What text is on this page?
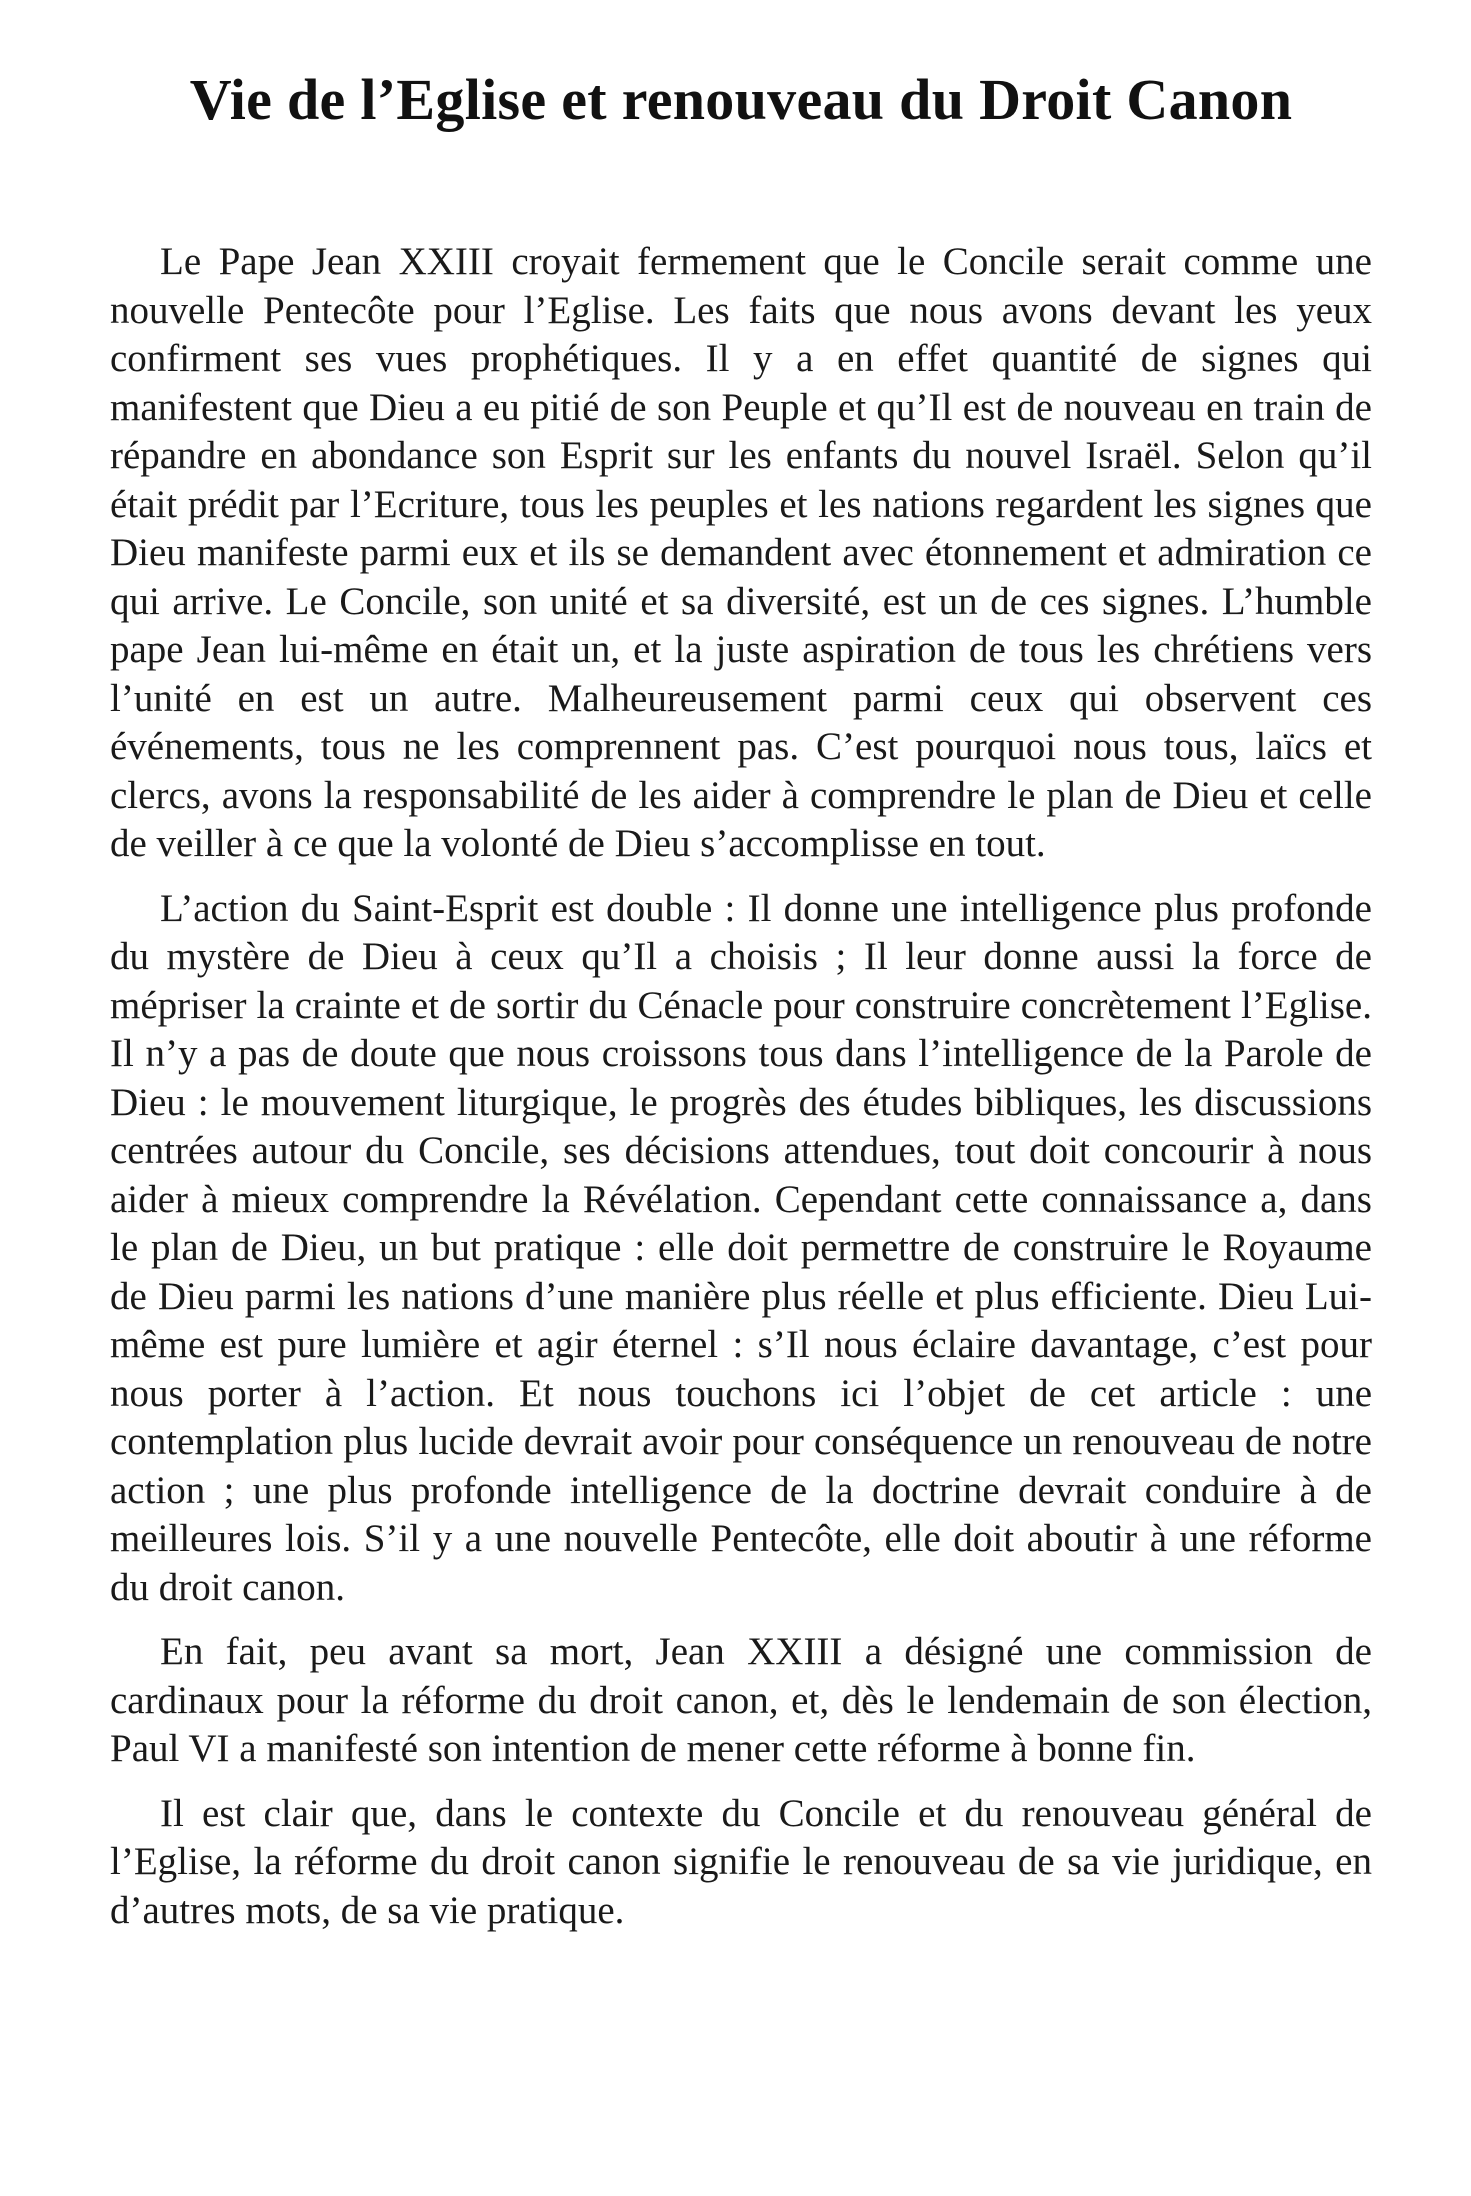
Vie de l’Eglise et renouveau du Droit Canon

Le Pape Jean XXIII croyait fermement que le Concile serait comme une nouvelle Pentecôte pour l’Eglise. Les faits que nous avons devant les yeux confirment ses vues prophétiques. Il y a en effet quantité de signes qui manifestent que Dieu a eu pitié de son Peuple et qu’Il est de nouveau en train de répandre en abondance son Esprit sur les enfants du nouvel Israël. Selon qu’il était prédit par l’Ecriture, tous les peuples et les nations regardent les signes que Dieu manifeste parmi eux et ils se demandent avec étonnement et admiration ce qui arrive. Le Concile, son unité et sa diversité, est un de ces signes. L’humble pape Jean lui-même en était un, et la juste aspiration de tous les chrétiens vers l’unité en est un autre. Malheureusement parmi ceux qui observent ces événements, tous ne les comprennent pas. C’est pourquoi nous tous, laïcs et clercs, avons la responsabilité de les aider à comprendre le plan de Dieu et celle de veiller à ce que la volonté de Dieu s’accomplisse en tout.

L’action du Saint-Esprit est double : Il donne une intelligence plus profonde du mystère de Dieu à ceux qu’Il a choisis ; Il leur donne aussi la force de mépriser la crainte et de sortir du Cénacle pour construire concrètement l’Eglise. Il n’y a pas de doute que nous croissons tous dans l’intelligence de la Parole de Dieu : le mouvement liturgique, le progrès des études bibliques, les discussions centrées autour du Concile, ses décisions attendues, tout doit concourir à nous aider à mieux comprendre la Révélation. Cependant cette connaissance a, dans le plan de Dieu, un but pratique : elle doit permettre de construire le Royaume de Dieu parmi les nations d’une manière plus réelle et plus efficiente. Dieu Lui-même est pure lumière et agir éternel : s’Il nous éclaire davantage, c’est pour nous porter à l’action. Et nous touchons ici l’objet de cet article : une contemplation plus lucide devrait avoir pour conséquence un renouveau de notre action ; une plus profonde intelligence de la doctrine devrait conduire à de meilleures lois. S’il y a une nouvelle Pentecôte, elle doit aboutir à une réforme du droit canon.

En fait, peu avant sa mort, Jean XXIII a désigné une commission de cardinaux pour la réforme du droit canon, et, dès le lendemain de son élection, Paul VI a manifesté son intention de mener cette réforme à bonne fin.

Il est clair que, dans le contexte du Concile et du renouveau général de l’Eglise, la réforme du droit canon signifie le renouveau de sa vie juridique, en d’autres mots, de sa vie pratique.
